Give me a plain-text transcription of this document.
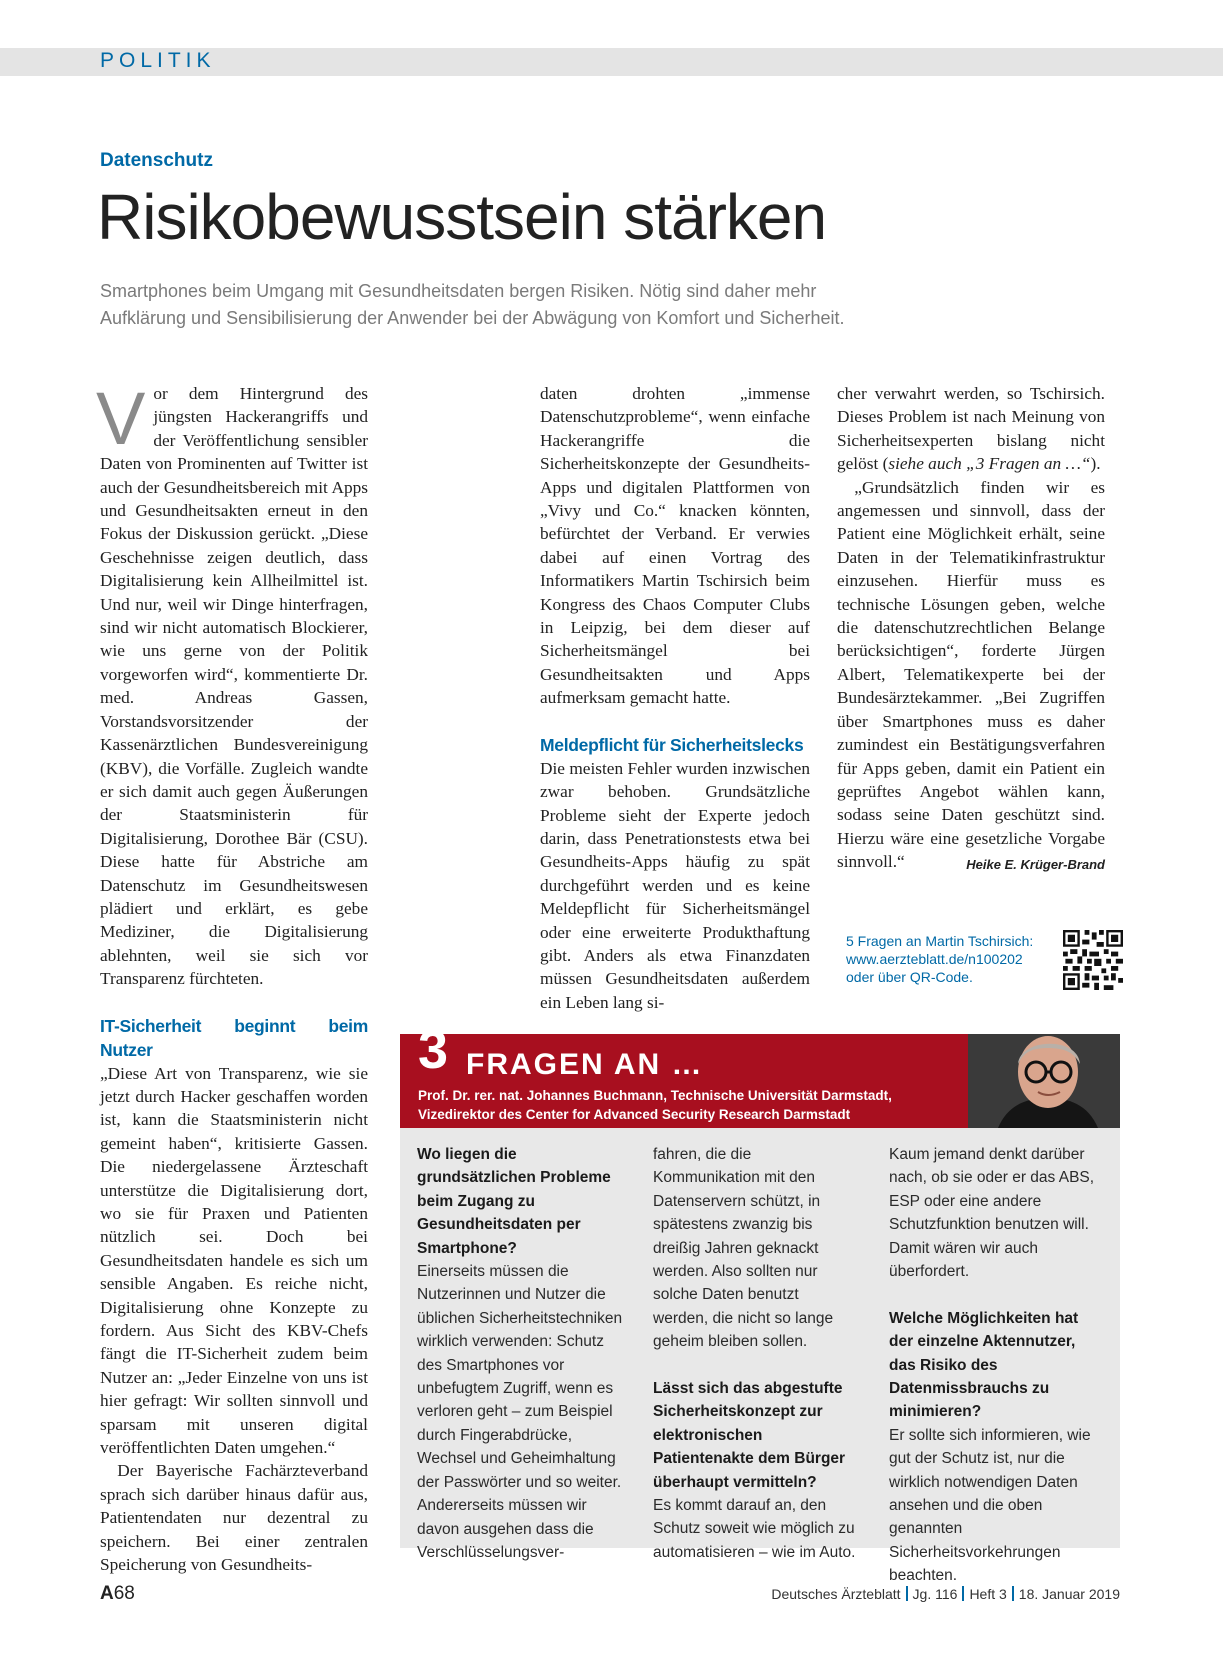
POLITIK
Datenschutz
Risikobewusstsein stärken
Smartphones beim Umgang mit Gesundheitsdaten bergen Risiken. Nötig sind daher mehr
Aufklärung und Sensibilisierung der Anwender bei der Abwägung von Komfort und Sicherheit.

Vor dem Hintergrund des jüngsten Hackerangriffs und der Veröffentlichung sensibler Daten von Prominenten auf Twitter ist auch der Gesundheitsbereich mit Apps und Gesundheitsakten erneut in den Fokus der Diskussion gerückt. „Diese Geschehnisse zeigen deutlich, dass Digitalisierung kein Allheilmittel ist. Und nur, weil wir Dinge hinterfragen, sind wir nicht automatisch Blockierer, wie uns gerne von der Politik vorgeworfen wird“, kommentierte Dr. med. Andreas Gassen, Vorstandsvorsitzender der Kassenärztlichen Bundesvereinigung (KBV), die Vorfälle. Zugleich wandte er sich damit auch gegen Äußerungen der Staatsministerin für Digitalisierung, Dorothee Bär (CSU). Diese hatte für Abstriche am Datenschutz im Gesundheitswesen plädiert und erklärt, es gebe Mediziner, die Digitalisierung ablehnten, weil sie sich vor Transparenz fürchteten.

IT-Sicherheit beginnt beim Nutzer

„Diese Art von Transparenz, wie sie jetzt durch Hacker geschaffen worden ist, kann die Staatsministerin nicht gemeint haben“, kritisierte Gassen. Die niedergelassene Ärzteschaft unterstütze die Digitalisierung dort, wo sie für Praxen und Patienten nützlich sei. Doch bei Gesundheitsdaten handele es sich um sensible Angaben. Es reiche nicht, Digitalisierung ohne Konzepte zu fordern. Aus Sicht des KBV-Chefs fängt die IT-Sicherheit zudem beim Nutzer an: „Jeder Einzelne von uns ist hier gefragt: Wir sollten sinnvoll und sparsam mit unseren digital veröffentlichten Daten umgehen.“

Der Bayerische Fachärzteverband sprach sich darüber hinaus dafür aus, Patientendaten nur dezentral zu speichern. Bei einer zentralen Speicherung von Gesundheits-

daten drohten „immense Datenschutzprobleme“, wenn einfache Hackerangriffe die Sicherheitskonzepte der Gesundheits-Apps und digitalen Plattformen von „Vivy und Co.“ knacken könnten, befürchtet der Verband. Er verwies dabei auf einen Vortrag des Informatikers Martin Tschirsich beim Kongress des Chaos Computer Clubs in Leipzig, bei dem dieser auf Sicherheitsmängel bei Gesundheitsakten und Apps aufmerksam gemacht hatte.

Meldepflicht für Sicherheitslecks

Die meisten Fehler wurden inzwischen zwar behoben. Grundsätzliche Probleme sieht der Experte jedoch darin, dass Penetrationstests etwa bei Gesundheits-Apps häufig zu spät durchgeführt werden und es keine Meldepflicht für Sicherheitsmängel oder eine erweiterte Produkthaftung gibt. Anders als etwa Finanzdaten müssen Gesundheitsdaten außerdem ein Leben lang si-

cher verwahrt werden, so Tschirsich. Dieses Problem ist nach Meinung von Sicherheitsexperten bislang nicht gelöst (siehe auch „3 Fragen an …“).

„Grundsätzlich finden wir es angemessen und sinnvoll, dass der Patient eine Möglichkeit erhält, seine Daten in der Telematikinfrastruktur einzusehen. Hierfür muss es technische Lösungen geben, welche die datenschutzrechtlichen Belange berücksichtigen“, forderte Jürgen Albert, Telematikexperte bei der Bundesärztekammer. „Bei Zugriffen über Smartphones muss es daher zumindest ein Bestätigungsverfahren für Apps geben, damit ein Patient ein geprüftes Angebot wählen kann, sodass seine Daten geschützt sind. Hierzu wäre eine gesetzliche Vorgabe sinnvoll.“	Heike E. Krüger-Brand

5 Fragen an Martin Tschirsich:
www.aerzteblatt.de/n100202
oder über QR-Code.
3 FRAGEN AN …
Prof. Dr. rer. nat. Johannes Buchmann, Technische Universität Darmstadt,
Vizedirektor des Center for Advanced Security Research Darmstadt

Wo liegen die grundsätzlichen Probleme beim Zugang zu Gesundheitsdaten per Smartphone?

Einerseits müssen die Nutzerinnen und Nutzer die üblichen Sicherheitstechniken wirklich verwenden: Schutz des Smartphones vor unbefugtem Zugriff, wenn es verloren geht – zum Beispiel durch Fingerabdrücke, Wechsel und Geheimhaltung der Passwörter und so weiter. Andererseits müssen wir davon ausgehen dass die Verschlüsselungsver-

fahren, die die Kommunikation mit den Datenservern schützt, in spätestens zwanzig bis dreißig Jahren geknackt werden. Also sollten nur solche Daten benutzt werden, die nicht so lange geheim bleiben sollen.

Lässt sich das abgestufte Sicherheitskonzept zur elektronischen Patientenakte dem Bürger überhaupt vermitteln?

Es kommt darauf an, den Schutz soweit wie möglich zu automatisieren – wie im Auto.

Kaum jemand denkt darüber nach, ob sie oder er das ABS, ESP oder eine andere Schutzfunktion benutzen will. Damit wären wir auch überfordert.

Welche Möglichkeiten hat der einzelne Aktennutzer, das Risiko des Datenmissbrauchs zu minimieren?

Er sollte sich informieren, wie gut der Schutz ist, nur die wirklich notwendigen Daten ansehen und die oben genannten Sicherheitsvorkehrungen beachten.

A68	Deutsches Ärzteblatt Jg. 116 Heft 3 18. Januar 2019
